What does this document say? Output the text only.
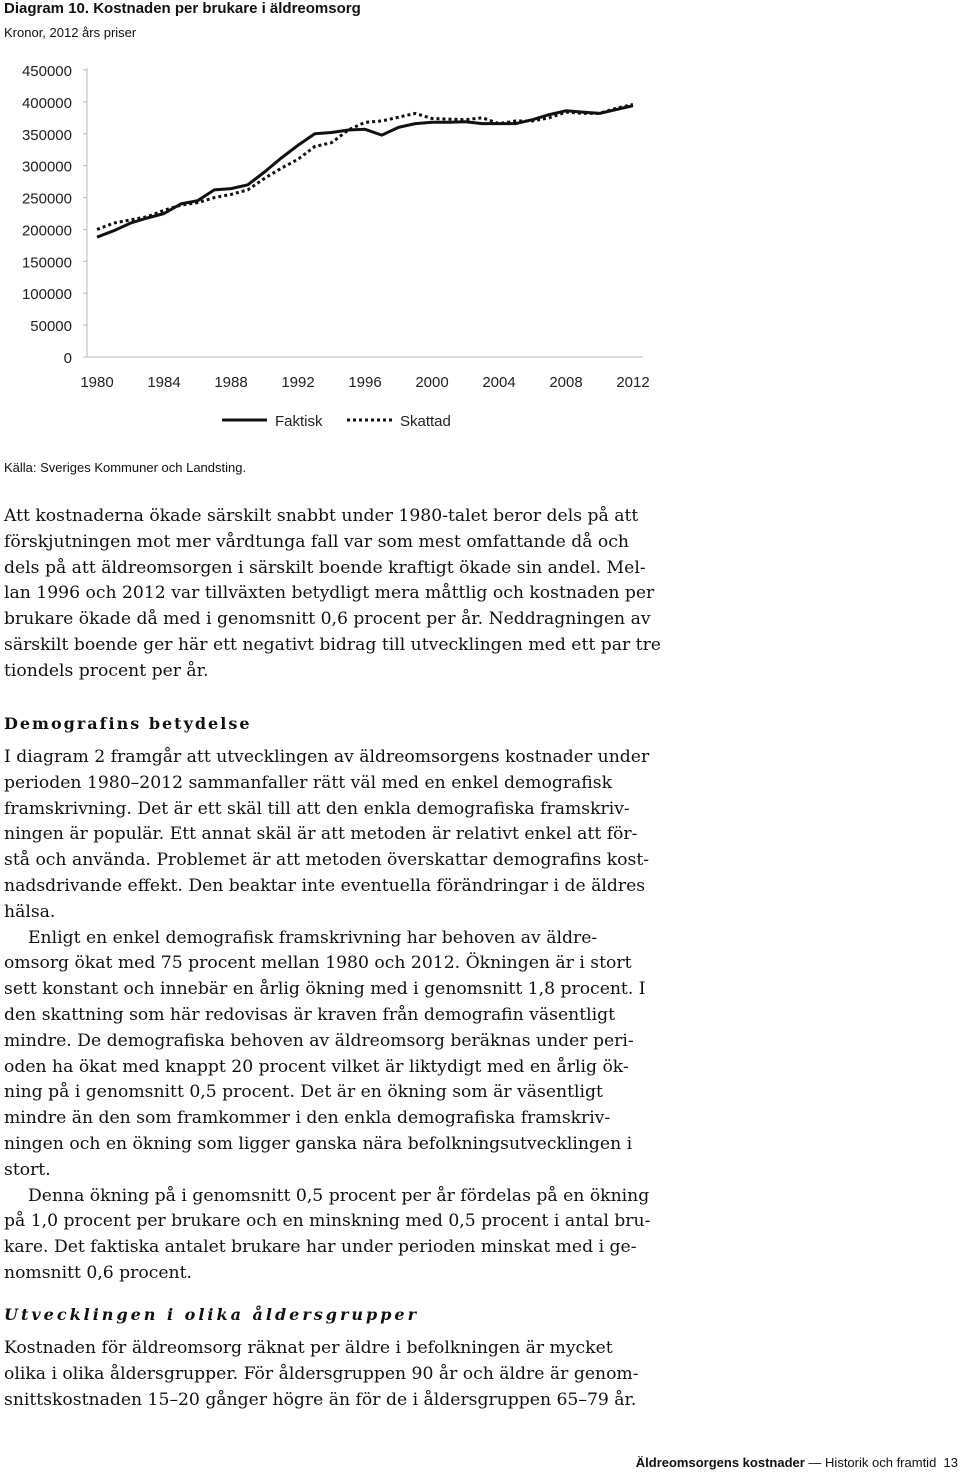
Diagram 10. Kostnaden per brukare i äldreomsorg
Kronor, 2012 års priser
0
50000
100000
150000
200000
250000
300000
350000
400000
450000
1980 1984 1988 1992 1996 2000 2004 2008 2012
Faktisk	Skattad
Källa: Sveriges Kommuner och Landsting.

Att kostnaderna ökade särskilt snabbt under 1980-talet beror dels på att
förskjutningen mot mer vårdtunga fall var som mest omfattande då och
dels på att äldreomsorgen i särskilt boende kraftigt ökade sin andel. Mel-
lan 1996 och 2012 var tillväxten betydligt mera måttlig och kostnaden per
brukare ökade då med i genomsnitt 0,6 procent per år. Neddragningen av
särskilt boende ger här ett negativt bidrag till utvecklingen med ett par tre
tiondels procent per år.

Demografins betydelse

I diagram 2 framgår att utvecklingen av äldreomsorgens kostnader under
perioden 1980–2012 sammanfaller rätt väl med en enkel demografisk
framskrivning. Det är ett skäl till att den enkla demografiska framskriv-
ningen är populär. Ett annat skäl är att metoden är relativt enkel att för-
stå och använda. Problemet är att metoden överskattar demografins kost-
nadsdrivande effekt. Den beaktar inte eventuella förändringar i de äldres
hälsa.

Enligt en enkel demografisk framskrivning har behoven av äldre-
omsorg ökat med 75 procent mellan 1980 och 2012. Ökningen är i stort
sett konstant och innebär en årlig ökning med i genomsnitt 1,8 procent. I
den skattning som här redovisas är kraven från demografin väsentligt
mindre. De demografiska behoven av äldreomsorg beräknas under peri-
oden ha ökat med knappt 20 procent vilket är liktydigt med en årlig ök-
ning på i genomsnitt 0,5 procent. Det är en ökning som är väsentligt
mindre än den som framkommer i den enkla demografiska framskriv-
ningen och en ökning som ligger ganska nära befolkningsutvecklingen i
stort.

Denna ökning på i genomsnitt 0,5 procent per år fördelas på en ökning
på 1,0 procent per brukare och en minskning med 0,5 procent i antal bru-
kare. Det faktiska antalet brukare har under perioden minskat med i ge-
nomsnitt 0,6 procent.

Utvecklingen i olika åldersgrupper

Kostnaden för äldreomsorg räknat per äldre i befolkningen är mycket
olika i olika åldersgrupper. För åldersgruppen 90 år och äldre är genom-
snittskostnaden 15–20 gånger högre än för de i åldersgruppen 65–79 år.

Äldreomsorgens kostnader — Historik och framtid 13
